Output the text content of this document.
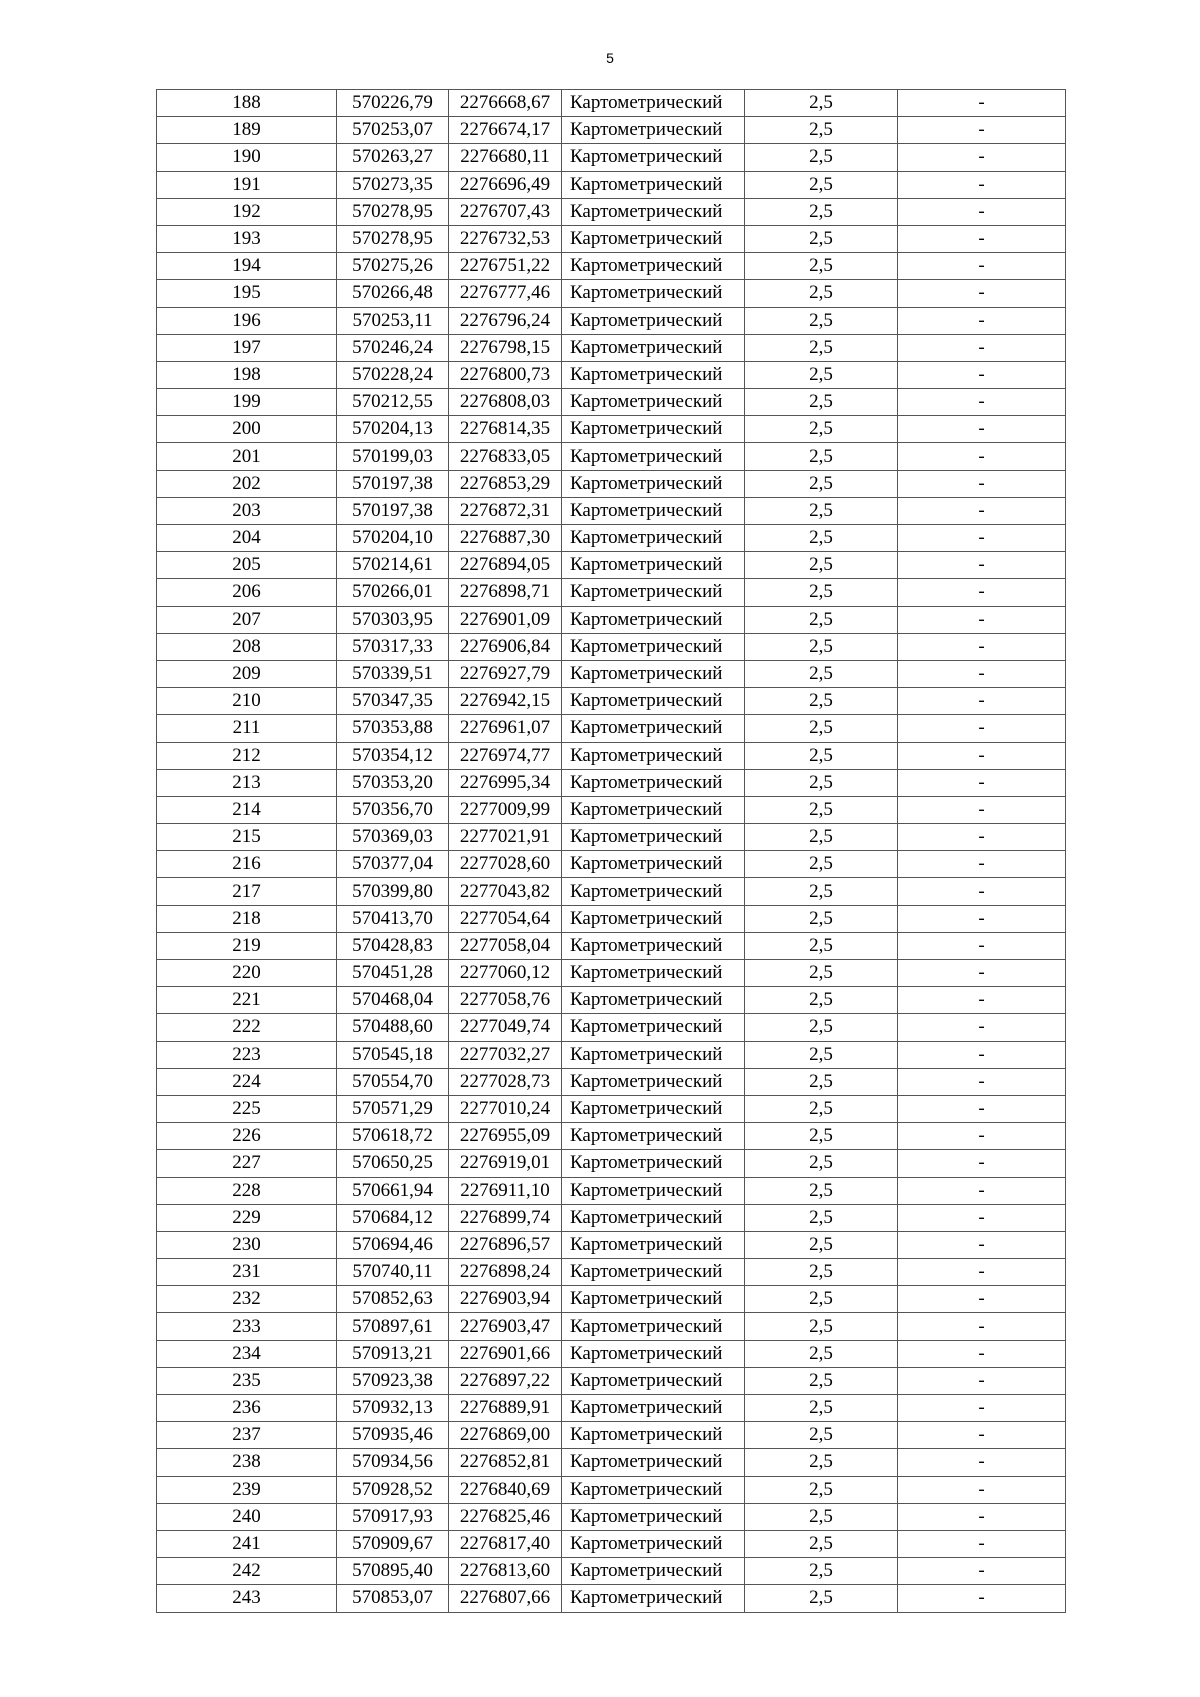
5
188	570226,79	2276668,67	Картометрический	2,5	-
189	570253,07	2276674,17	Картометрический	2,5	-
190	570263,27	2276680,11	Картометрический	2,5	-
191	570273,35	2276696,49	Картометрический	2,5	-
192	570278,95	2276707,43	Картометрический	2,5	-
193	570278,95	2276732,53	Картометрический	2,5	-
194	570275,26	2276751,22	Картометрический	2,5	-
195	570266,48	2276777,46	Картометрический	2,5	-
196	570253,11	2276796,24	Картометрический	2,5	-
197	570246,24	2276798,15	Картометрический	2,5	-
198	570228,24	2276800,73	Картометрический	2,5	-
199	570212,55	2276808,03	Картометрический	2,5	-
200	570204,13	2276814,35	Картометрический	2,5	-
201	570199,03	2276833,05	Картометрический	2,5	-
202	570197,38	2276853,29	Картометрический	2,5	-
203	570197,38	2276872,31	Картометрический	2,5	-
204	570204,10	2276887,30	Картометрический	2,5	-
205	570214,61	2276894,05	Картометрический	2,5	-
206	570266,01	2276898,71	Картометрический	2,5	-
207	570303,95	2276901,09	Картометрический	2,5	-
208	570317,33	2276906,84	Картометрический	2,5	-
209	570339,51	2276927,79	Картометрический	2,5	-
210	570347,35	2276942,15	Картометрический	2,5	-
211	570353,88	2276961,07	Картометрический	2,5	-
212	570354,12	2276974,77	Картометрический	2,5	-
213	570353,20	2276995,34	Картометрический	2,5	-
214	570356,70	2277009,99	Картометрический	2,5	-
215	570369,03	2277021,91	Картометрический	2,5	-
216	570377,04	2277028,60	Картометрический	2,5	-
217	570399,80	2277043,82	Картометрический	2,5	-
218	570413,70	2277054,64	Картометрический	2,5	-
219	570428,83	2277058,04	Картометрический	2,5	-
220	570451,28	2277060,12	Картометрический	2,5	-
221	570468,04	2277058,76	Картометрический	2,5	-
222	570488,60	2277049,74	Картометрический	2,5	-
223	570545,18	2277032,27	Картометрический	2,5	-
224	570554,70	2277028,73	Картометрический	2,5	-
225	570571,29	2277010,24	Картометрический	2,5	-
226	570618,72	2276955,09	Картометрический	2,5	-
227	570650,25	2276919,01	Картометрический	2,5	-
228	570661,94	2276911,10	Картометрический	2,5	-
229	570684,12	2276899,74	Картометрический	2,5	-
230	570694,46	2276896,57	Картометрический	2,5	-
231	570740,11	2276898,24	Картометрический	2,5	-
232	570852,63	2276903,94	Картометрический	2,5	-
233	570897,61	2276903,47	Картометрический	2,5	-
234	570913,21	2276901,66	Картометрический	2,5	-
235	570923,38	2276897,22	Картометрический	2,5	-
236	570932,13	2276889,91	Картометрический	2,5	-
237	570935,46	2276869,00	Картометрический	2,5	-
238	570934,56	2276852,81	Картометрический	2,5	-
239	570928,52	2276840,69	Картометрический	2,5	-
240	570917,93	2276825,46	Картометрический	2,5	-
241	570909,67	2276817,40	Картометрический	2,5	-
242	570895,40	2276813,60	Картометрический	2,5	-
243	570853,07	2276807,66	Картометрический	2,5	-
